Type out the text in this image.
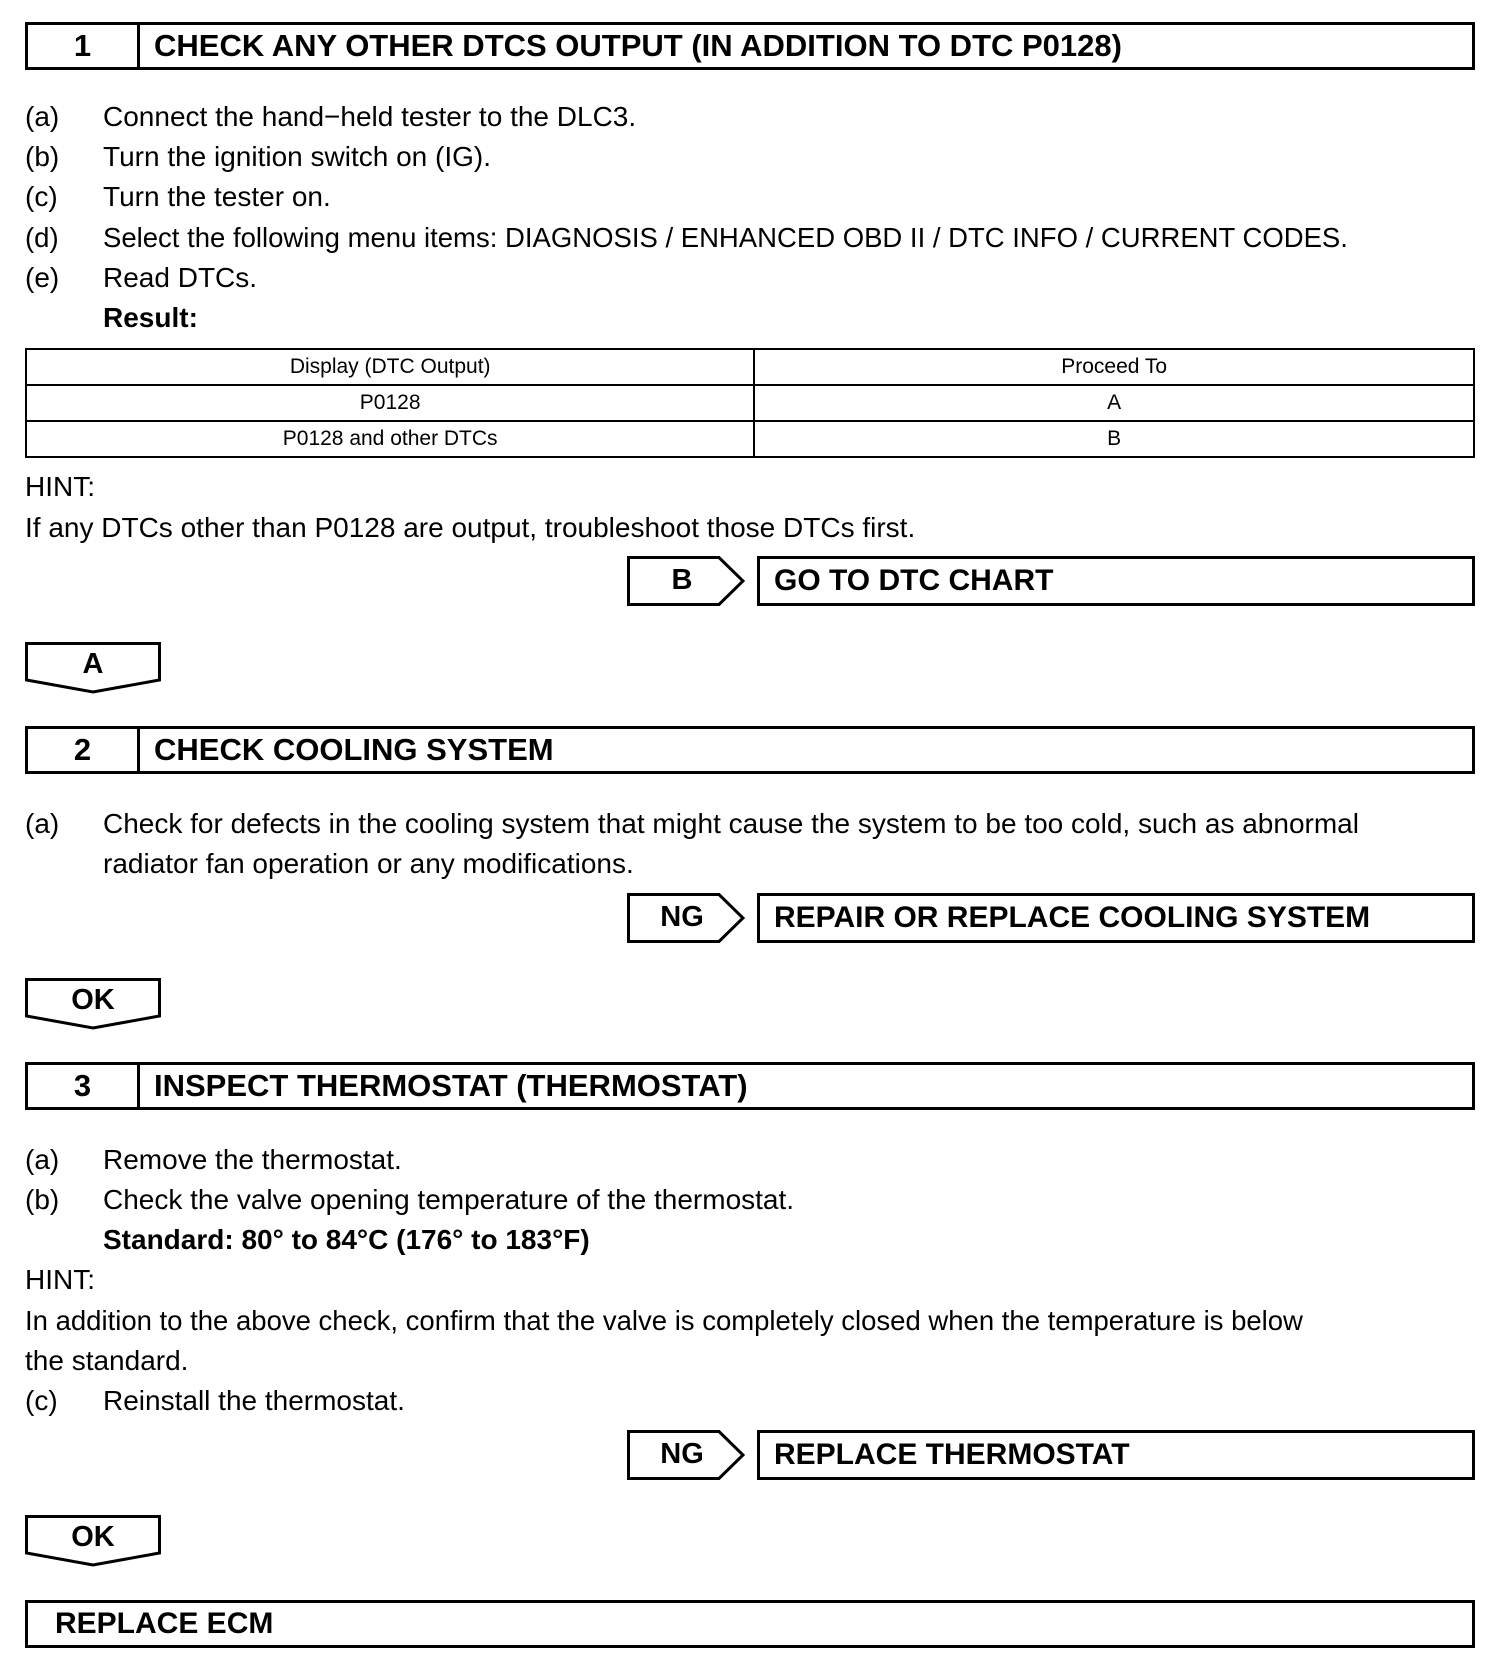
1	CHECK ANY OTHER DTCS OUTPUT (IN ADDITION TO DTC P0128)
(a) Connect the hand−held tester to the DLC3.
(b) Turn the ignition switch on (IG).
(c) Turn the tester on.
(d) Select the following menu items: DIAGNOSIS / ENHANCED OBD II / DTC INFO / CURRENT CODES.
(e) Read DTCs.
Result:
Display (DTC Output)	Proceed To
P0128	A
P0128 and other DTCs	B
HINT:
If any DTCs other than P0128 are output, troubleshoot those DTCs first.
B	GO TO DTC CHART
A
2	CHECK COOLING SYSTEM
(a) Check for defects in the cooling system that might cause the system to be too cold, such as abnormal
radiator fan operation or any modifications.
NG	REPAIR OR REPLACE COOLING SYSTEM
OK
3	INSPECT THERMOSTAT (THERMOSTAT)
(a) Remove the thermostat.
(b) Check the valve opening temperature of the thermostat.
Standard: 80° to 84°C (176° to 183°F)
HINT:
In addition to the above check, confirm that the valve is completely closed when the temperature is below
the standard.
(c) Reinstall the thermostat.
NG	REPLACE THERMOSTAT
OK
REPLACE ECM
